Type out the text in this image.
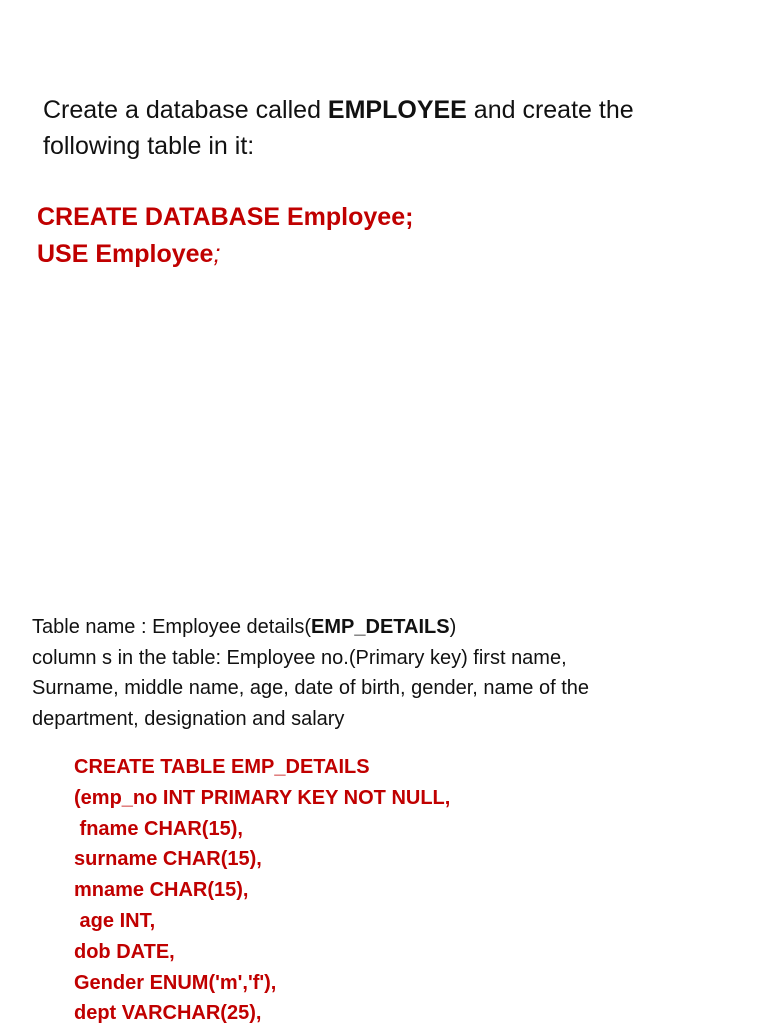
Create a database called EMPLOYEE and create the
following table in it:

CREATE DATABASE Employee;
USE Employee;

Table name : Employee details(EMP_DETAILS)
column s in the table: Employee no.(Primary key) first name,
Surname, middle name, age, date of birth, gender, name of the
department, designation and salary

CREATE TABLE EMP_DETAILS
(emp_no INT PRIMARY KEY NOT NULL,
fname CHAR(15),
surname CHAR(15),
mname CHAR(15),
age INT,
dob DATE,
Gender ENUM('m','f'),
dept VARCHAR(25),
